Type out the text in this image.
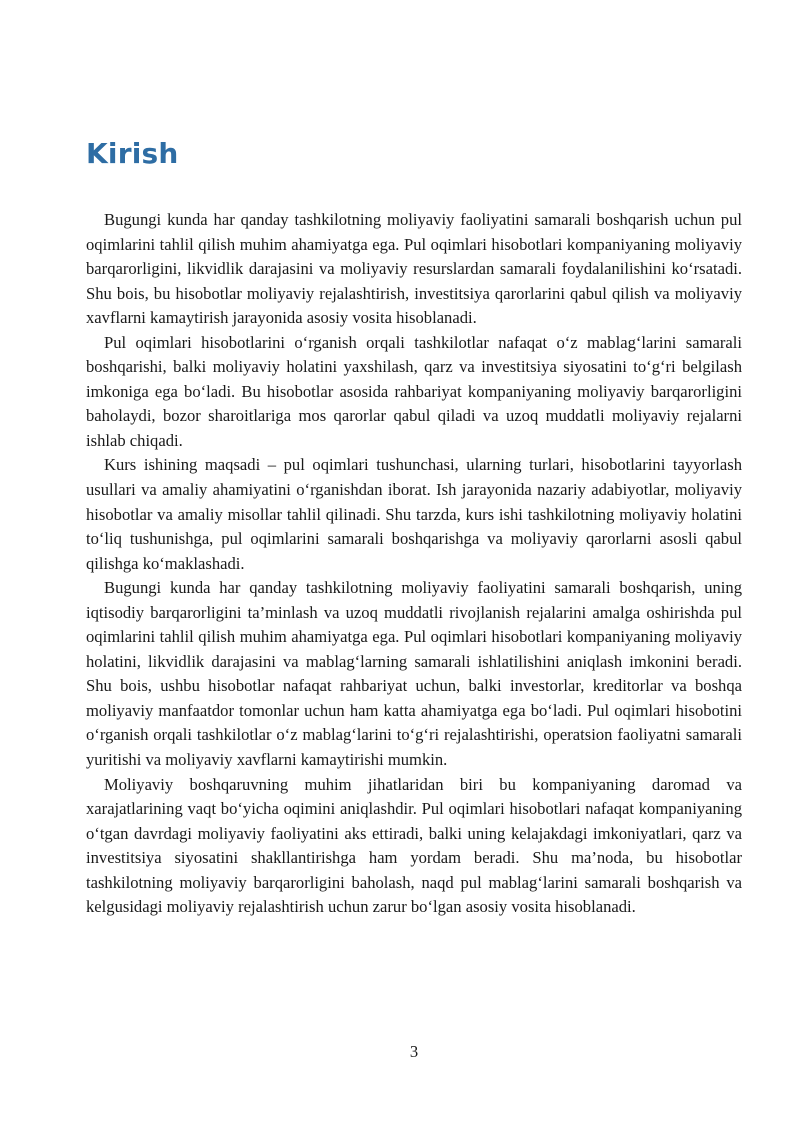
Kirish

Bugungi kunda har qanday tashkilotning moliyaviy faoliyatini samarali boshqarish uchun pul oqimlarini tahlil qilish muhim ahamiyatga ega. Pul oqimlari hisobotlari kompaniyaning moliyaviy barqarorligini, likvidlik darajasini va moliyaviy resurslardan samarali foydalanilishini ko‘rsatadi. Shu bois, bu hisobotlar moliyaviy rejalashtirish, investitsiya qarorlarini qabul qilish va moliyaviy xavflarni kamaytirish jarayonida asosiy vosita hisoblanadi.

Pul oqimlari hisobotlarini o‘rganish orqali tashkilotlar nafaqat o‘z mablag‘larini samarali boshqarishi, balki moliyaviy holatini yaxshilash, qarz va investitsiya siyosatini to‘g‘ri belgilash imkoniga ega bo‘ladi. Bu hisobotlar asosida rahbariyat kompaniyaning moliyaviy barqarorligini baholaydi, bozor sharoitlariga mos qarorlar qabul qiladi va uzoq muddatli moliyaviy rejalarni ishlab chiqadi.

Kurs ishining maqsadi – pul oqimlari tushunchasi, ularning turlari, hisobotlarini tayyorlash usullari va amaliy ahamiyatini o‘rganishdan iborat. Ish jarayonida nazariy adabiyotlar, moliyaviy hisobotlar va amaliy misollar tahlil qilinadi. Shu tarzda, kurs ishi tashkilotning moliyaviy holatini to‘liq tushunishga, pul oqimlarini samarali boshqarishga va moliyaviy qarorlarni asosli qabul qilishga ko‘maklashadi.

Bugungi kunda har qanday tashkilotning moliyaviy faoliyatini samarali boshqarish, uning iqtisodiy barqarorligini ta’minlash va uzoq muddatli rivojlanish rejalarini amalga oshirishda pul oqimlarini tahlil qilish muhim ahamiyatga ega. Pul oqimlari hisobotlari kompaniyaning moliyaviy holatini, likvidlik darajasini va mablag‘larning samarali ishlatilishini aniqlash imkonini beradi. Shu bois, ushbu hisobotlar nafaqat rahbariyat uchun, balki investorlar, kreditorlar va boshqa moliyaviy manfaatdor tomonlar uchun ham katta ahamiyatga ega bo‘ladi. Pul oqimlari hisobotini o‘rganish orqali tashkilotlar o‘z mablag‘larini to‘g‘ri rejalashtirishi, operatsion faoliyatni samarali yuritishi va moliyaviy xavflarni kamaytirishi mumkin.

Moliyaviy boshqaruvning muhim jihatlaridan biri bu kompaniyaning daromad va xarajatlarining vaqt bo‘yicha oqimini aniqlashdir. Pul oqimlari hisobotlari nafaqat kompaniyaning o‘tgan davrdagi moliyaviy faoliyatini aks ettiradi, balki uning kelajakdagi imkoniyatlari, qarz va investitsiya siyosatini shakllantirishga ham yordam beradi. Shu ma’noda, bu hisobotlar tashkilotning moliyaviy barqarorligini baholash, naqd pul mablag‘larini samarali boshqarish va kelgusidagi moliyaviy rejalashtirish uchun zarur bo‘lgan asosiy vosita hisoblanadi.

3
